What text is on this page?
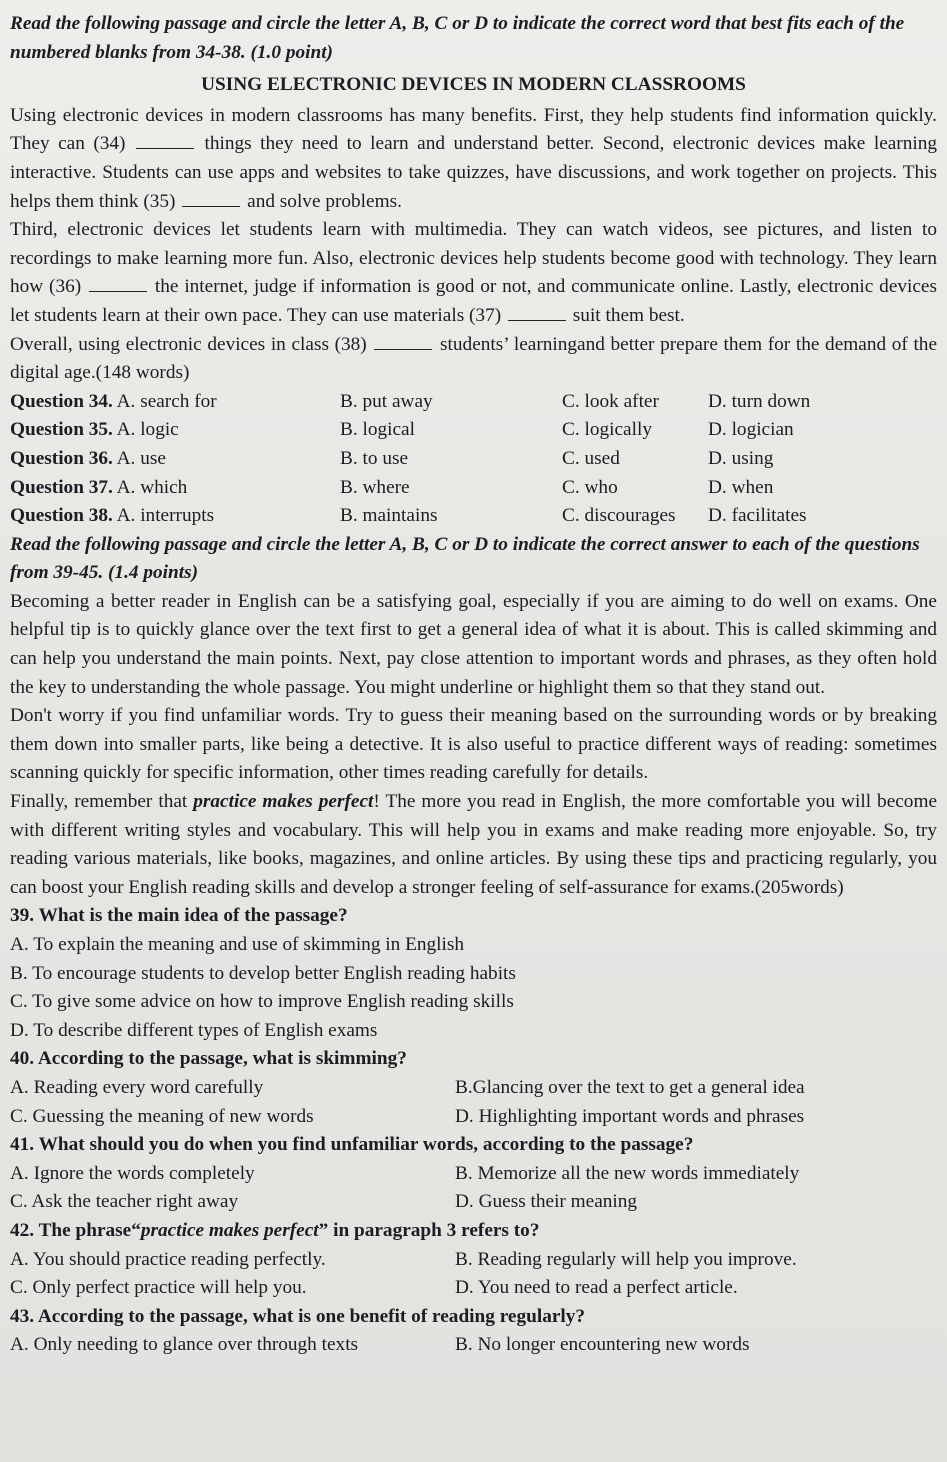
Read the following passage and circle the letter A, B, C or D to indicate the correct word that best fits each of the numbered blanks from 34-38. (1.0 point)
USING ELECTRONIC DEVICES IN MODERN CLASSROOMS

Using electronic devices in modern classrooms has many benefits. First, they help students find information quickly. They can (34)	things they need to learn and understand better. Second, electronic devices make learning interactive. Students can use apps and websites to take quizzes, have discussions, and work together on projects. This helps them think (35)	and solve problems.

Third, electronic devices let students learn with multimedia. They can watch videos, see pictures, and listen to recordings to make learning more fun. Also, electronic devices help students become good with technology. They learn how (36)	the internet, judge if information is good or not, and communicate online. Lastly, electronic devices let students learn at their own pace. They can use materials (37)	suit them best.

Overall, using electronic devices in class (38)	students’ learningand better prepare them for the demand of the digital age.(148 words)

Question 34. A. search for	B. put away	C. look after	D. turn down
Question 35. A. logic	B. logical	C. logically	D. logician
Question 36. A. use	B. to use	C. used	D. using
Question 37. A. which	B. where	C. who	D. when
Question 38. A. interrupts	B. maintains	C. discourages	D. facilitates
Read the following passage and circle the letter A, B, C or D to indicate the correct answer to each of the questions from 39-45. (1.4 points)

Becoming a better reader in English can be a satisfying goal, especially if you are aiming to do well on exams. One helpful tip is to quickly glance over the text first to get a general idea of what it is about. This is called skimming and can help you understand the main points. Next, pay close attention to important words and phrases, as they often hold the key to understanding the whole passage. You might underline or highlight them so that they stand out.

Don't worry if you find unfamiliar words. Try to guess their meaning based on the surrounding words or by breaking them down into smaller parts, like being a detective. It is also useful to practice different ways of reading: sometimes scanning quickly for specific information, other times reading carefully for details.

Finally, remember that practice makes perfect! The more you read in English, the more comfortable you will become with different writing styles and vocabulary. This will help you in exams and make reading more enjoyable. So, try reading various materials, like books, magazines, and online articles. By using these tips and practicing regularly, you can boost your English reading skills and develop a stronger feeling of self-assurance for exams.(205words)

39. What is the main idea of the passage?
A. To explain the meaning and use of skimming in English
B. To encourage students to develop better English reading habits
C. To give some advice on how to improve English reading skills
D. To describe different types of English exams
40. According to the passage, what is skimming?
A. Reading every word carefully	B.Glancing over the text to get a general idea
C. Guessing the meaning of new words	D. Highlighting important words and phrases
41. What should you do when you find unfamiliar words, according to the passage?
A. Ignore the words completely	B. Memorize all the new words immediately
C. Ask the teacher right away	D. Guess their meaning
42. The phrase“practice makes perfect” in paragraph 3 refers to?
A. You should practice reading perfectly.	B. Reading regularly will help you improve.
C. Only perfect practice will help you.	D. You need to read a perfect article.
43. According to the passage, what is one benefit of reading regularly?
A. Only needing to glance over through texts	B. No longer encountering new words
